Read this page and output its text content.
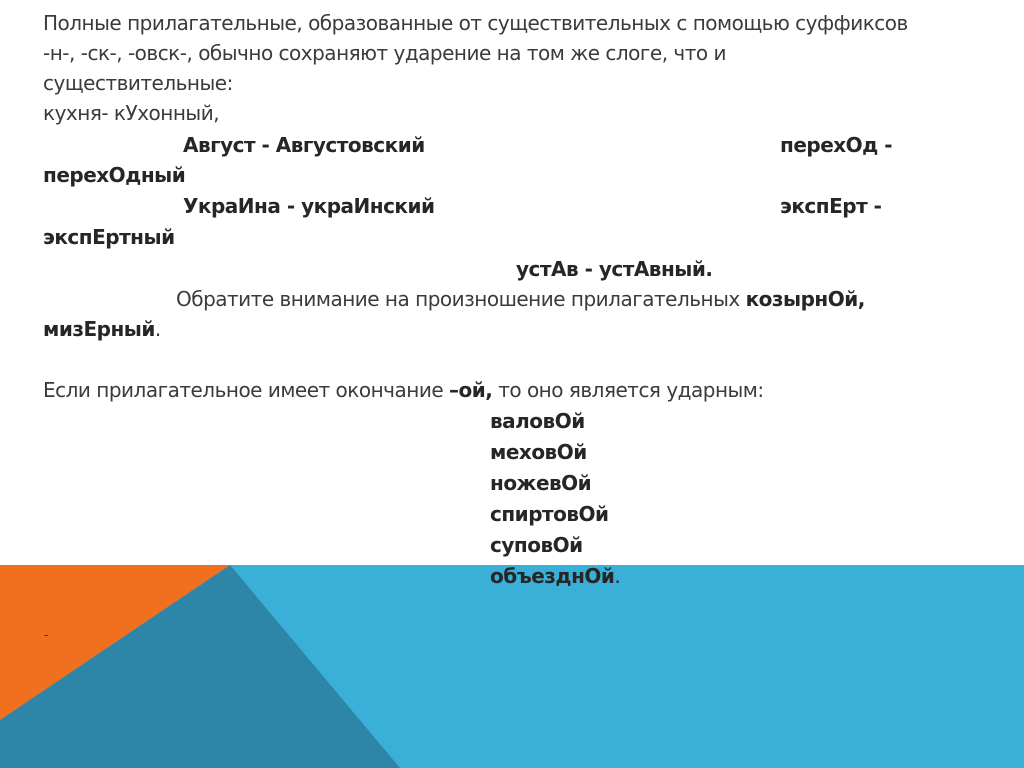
Полные прилагательные, образованные от существительных с помощью суффиксов
-н-, -ск-, -овск-, обычно сохраняют ударение на том же слоге, что и
существительные:
кухня- кУхонный,
Август - Августовский	перехОд -
перехОдный
УкраИна - украИнский	экспЕрт -
экспЕртный
устАв - устАвный.
Обратите внимание на произношение прилагательных козырнОй,
мизЕрный.
Если прилагательное имеет окончание –ой, то оно является ударным:
валовОй
меховОй
ножевОй
спиртовОй
суповОй
объезднОй.
-
